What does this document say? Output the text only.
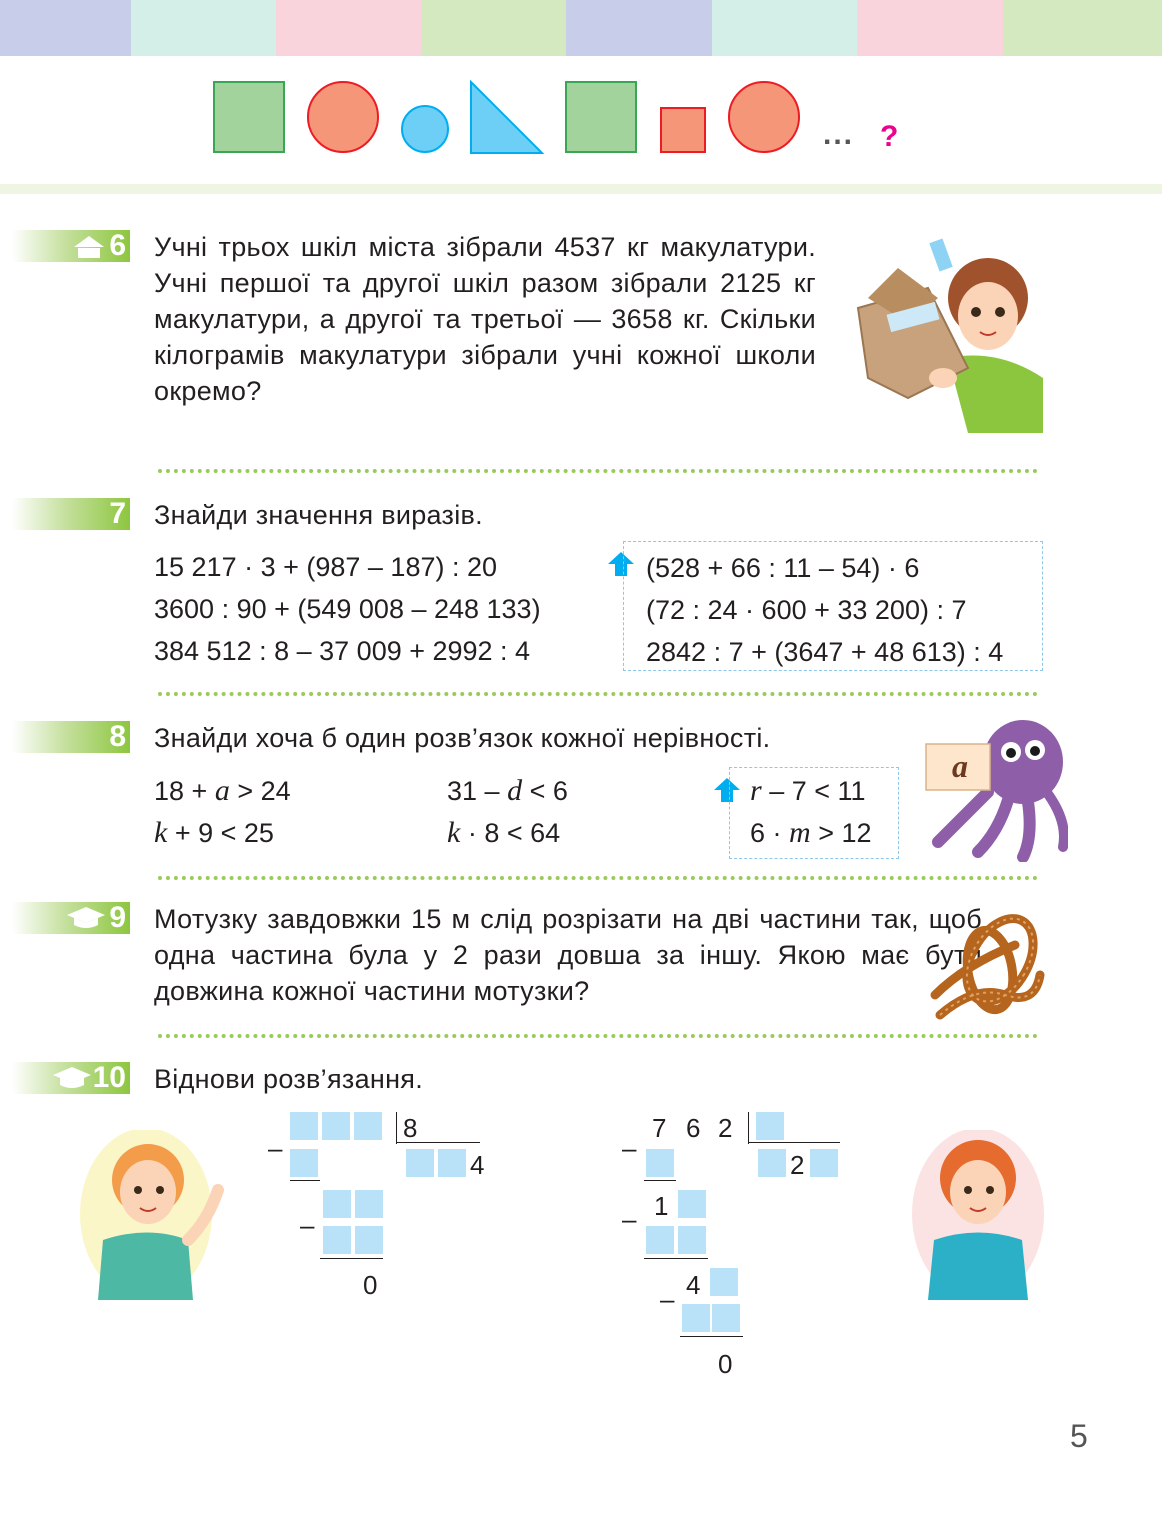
... ?
6 Учні трьох шкіл міста зібрали 4537 кг макулатури. Учні першої та другої шкіл разом зібрали 2125 кг макулатури, а другої та третьої — 3658 кг. Скільки кілограмів макулатури зібрали учні кожної школи окремо?
7 Знайди значення виразів.
15 217 · 3 + (987 – 187) : 20
3600 : 90 + (549 008 – 248 133)
384 512 : 8 – 37 009 + 2992 : 4
(528 + 66 : 11 – 54) · 6
(72 : 24 · 600 + 33 200) : 7
2842 : 7 + (3647 + 48 613) : 4
8 Знайди хоча б один розв’язок кожної нерівності.
18 + a > 24
k + 9 < 25
31 – d < 6
k · 8 < 64
r – 7 < 11
6 · m > 12
a
9 Мотузку завдовжки 15 м слід розрізати на дві частини так, щоб одна частина була у 2 рази довша за іншу. Якою має бути довжина кожної частини мотузки?
10 Віднови розв’язання.
8
–
4
–
0
7 6 2
–
2
– 1
– 4
0
5
